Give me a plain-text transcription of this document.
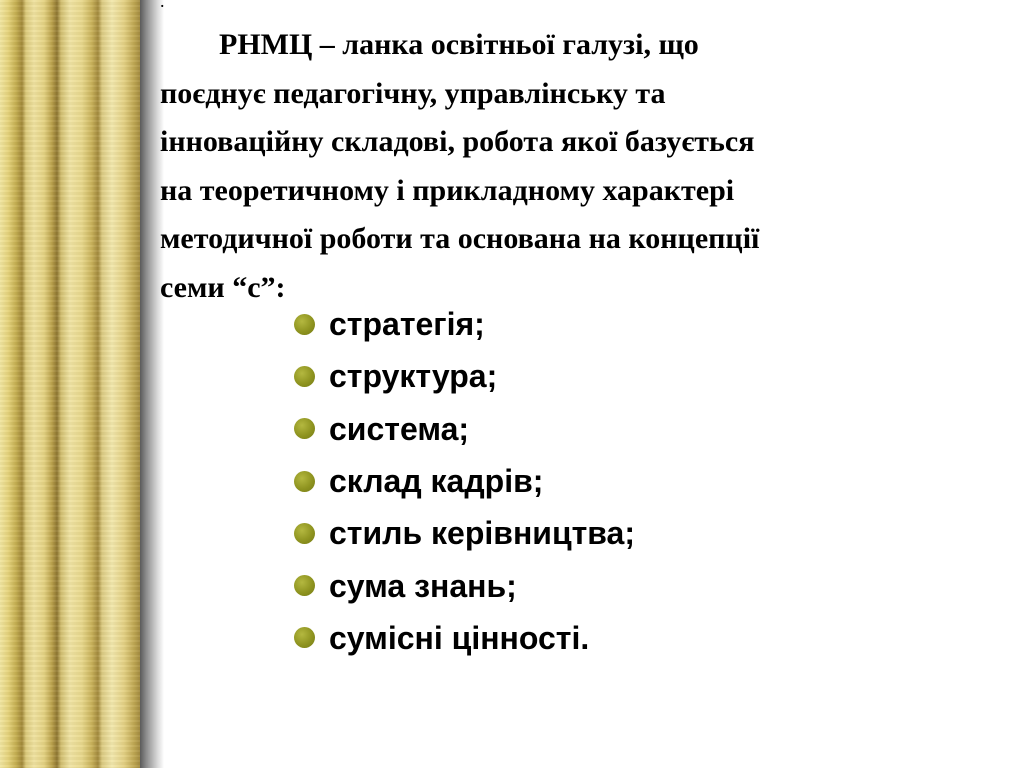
.

РНМЦ – ланка освітньої галузі, що
поєднує педагогічну, управлінську та
інноваційну складові, робота якої базується
на теоретичному і прикладному характері
методичної роботи та основана на концепції
семи “с”:

стратегія;
структура;
система;
склад кадрів;
стиль керівництва;
сума знань;
сумісні цінності.
